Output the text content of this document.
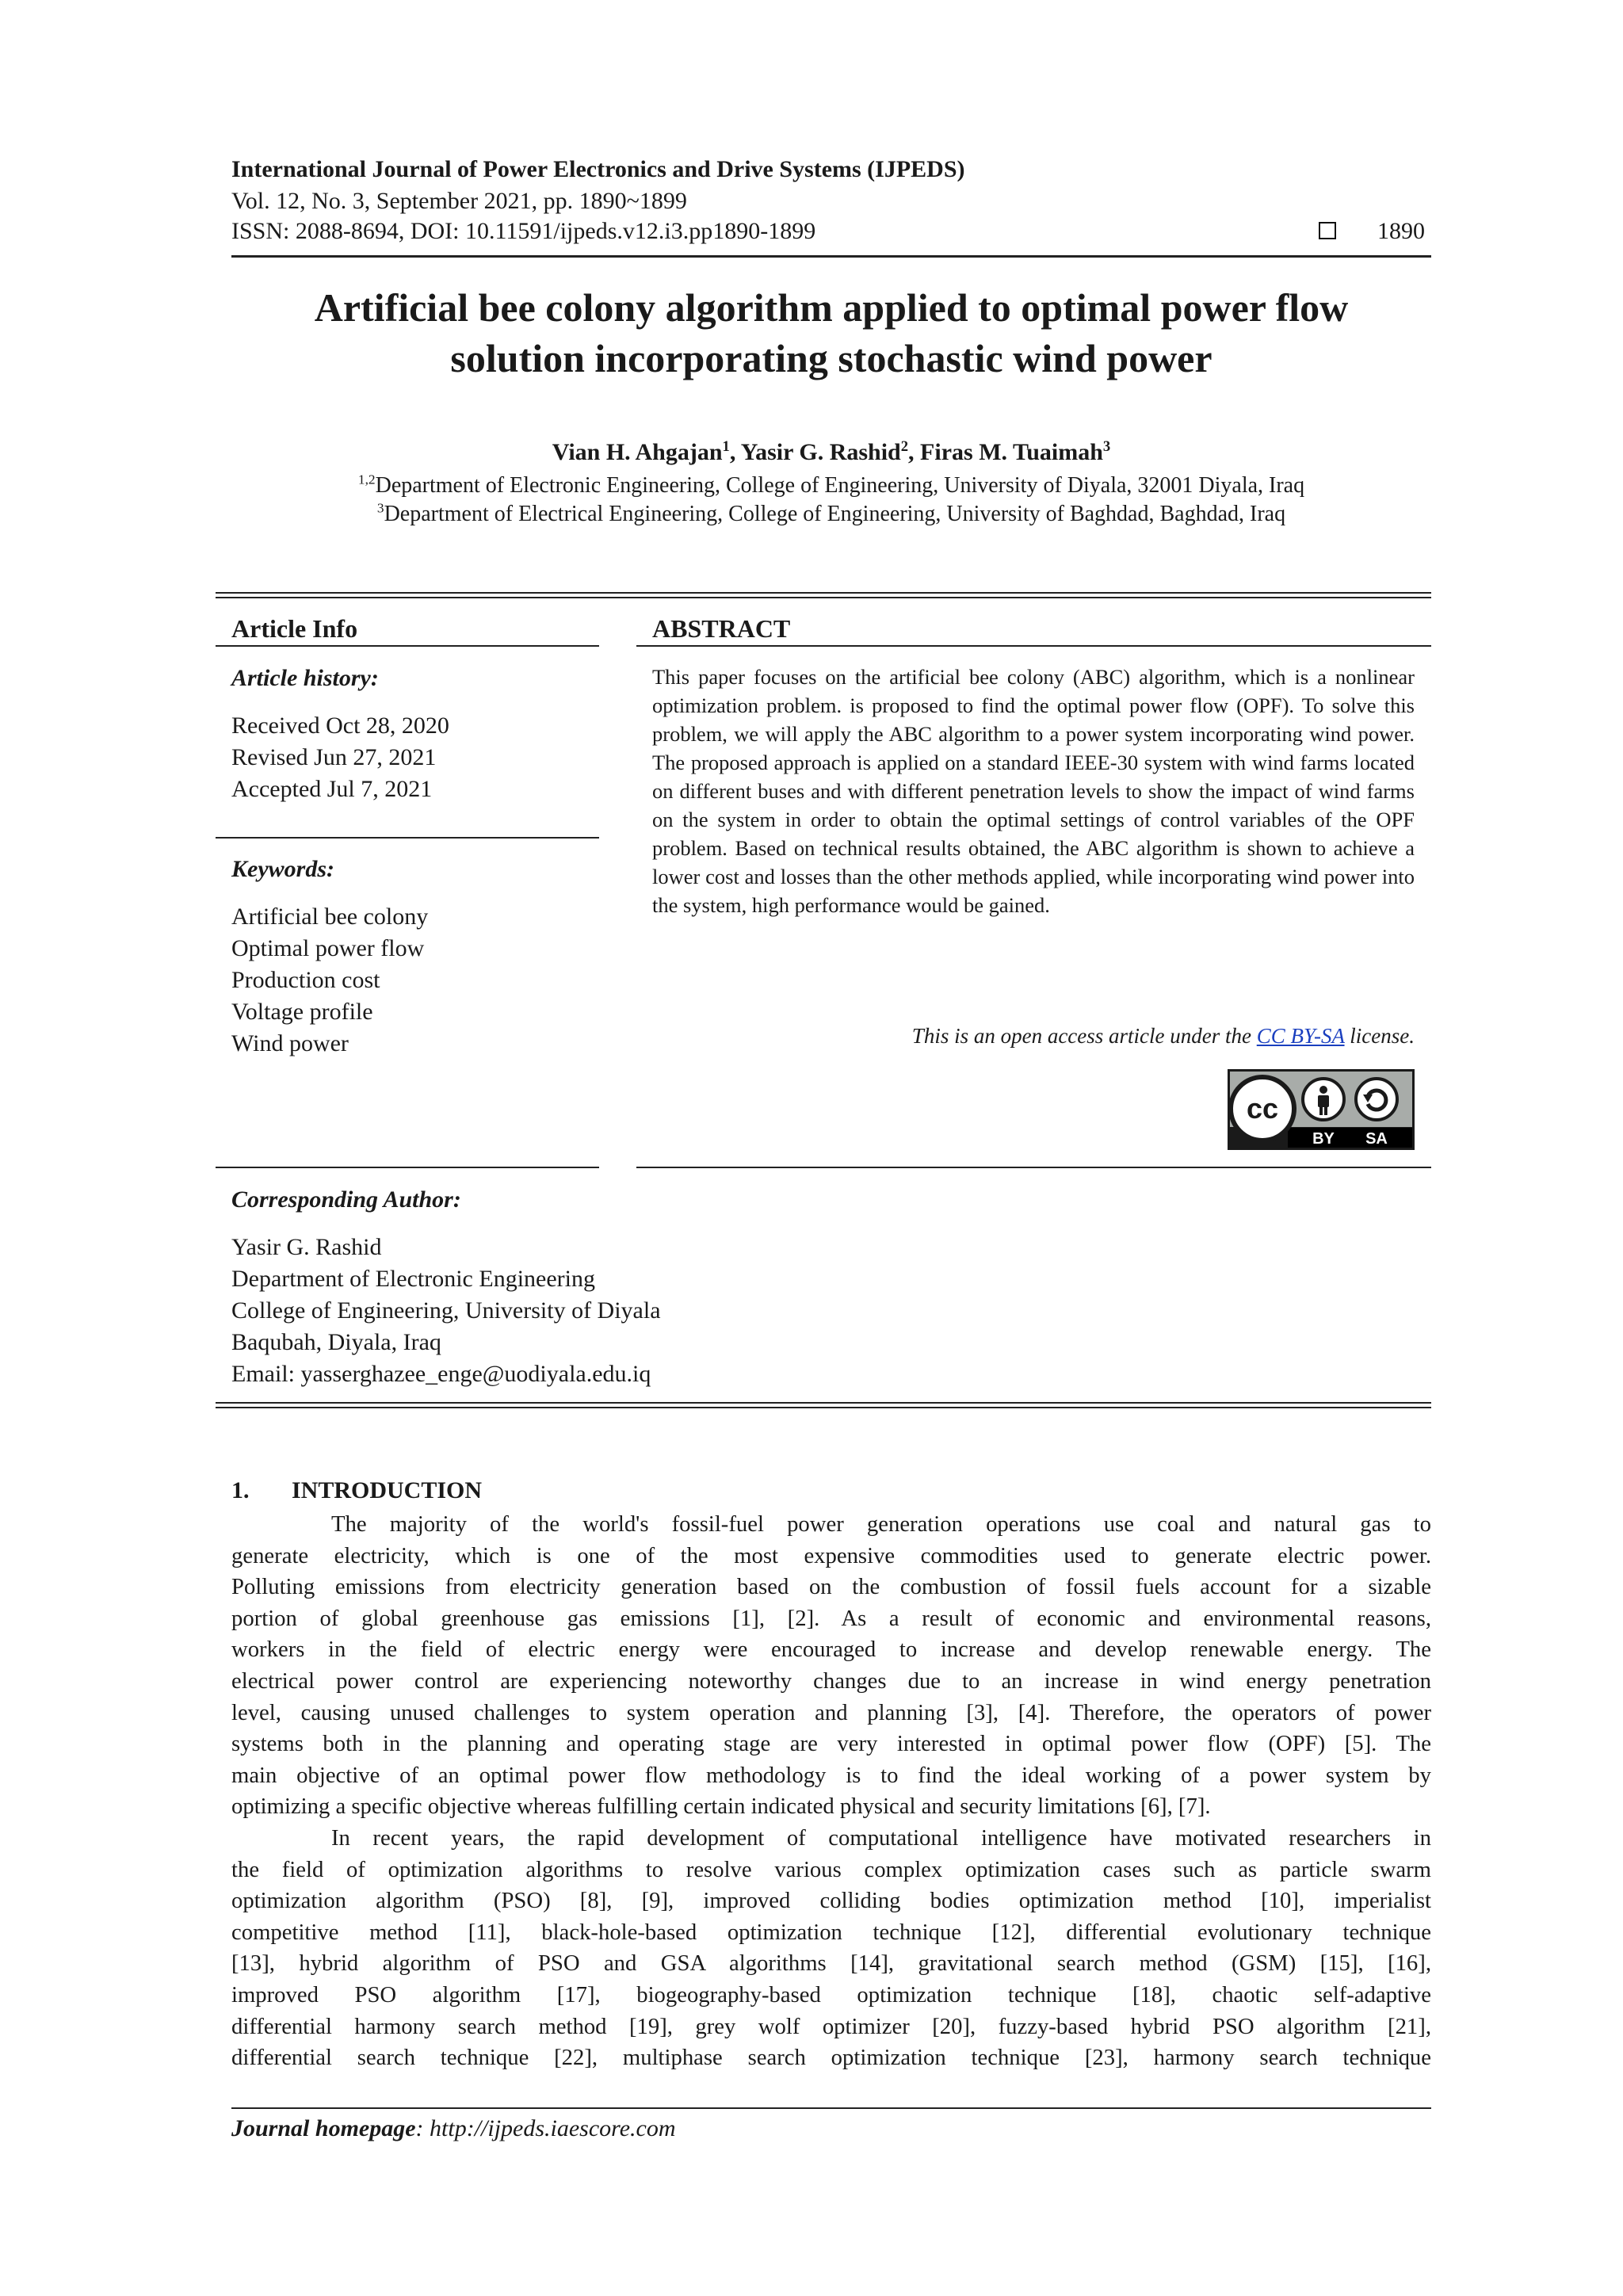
International Journal of Power Electronics and Drive Systems (IJPEDS)
Vol. 12, No. 3, September 2021, pp. 1890~1899
ISSN: 2088-8694, DOI: 10.11591/ijpeds.v12.i3.pp1890-1899	1890
Artificial bee colony algorithm applied to optimal power flow
solution incorporating stochastic wind power
Vian H. Ahgajan$^1$, Yasir G. Rashid$^2$, Firas M. Tuaimah$^3$
$^{1,2}$Department of Electronic Engineering, College of Engineering, University of Diyala, 32001 Diyala, Iraq
$^3$Department of Electrical Engineering, College of Engineering, University of Baghdad, Baghdad, Iraq
Article Info
Article history:
Received Oct 28, 2020
Revised Jun 27, 2021
Accepted Jul 7, 2021
Keywords:
Artificial bee colony
Optimal power flow
Production cost
Voltage profile
Wind power
ABSTRACT
This paper focuses on the artificial bee colony (ABC) algorithm, which is a nonlinear optimization problem. is proposed to find the optimal power flow (OPF). To solve this problem, we will apply the ABC algorithm to a power system incorporating wind power. The proposed approach is applied on a standard IEEE-30 system with wind farms located on different buses and with different penetration levels to show the impact of wind farms on the system in order to obtain the optimal settings of control variables of the OPF problem. Based on technical results obtained, the ABC algorithm is shown to achieve a lower cost and losses than the other methods applied, while incorporating wind power into the system, high performance would be gained.
This is an open access article under the CC BY-SA license.
cc
BY SA
Corresponding Author:
Yasir G. Rashid
Department of Electronic Engineering
College of Engineering, University of Diyala
Baqubah, Diyala, Iraq
Email: yasserghazee_enge@uodiyala.edu.iq
1. INTRODUCTION
The majority of the world's fossil-fuel power generation operations use coal and natural gas to
generate electricity, which is one of the most expensive commodities used to generate electric power.
Polluting emissions from electricity generation based on the combustion of fossil fuels account for a sizable
portion of global greenhouse gas emissions [1], [2]. As a result of economic and environmental reasons,
workers in the field of electric energy were encouraged to increase and develop renewable energy. The
electrical power control are experiencing noteworthy changes due to an increase in wind energy penetration
level, causing unused challenges to system operation and planning [3], [4]. Therefore, the operators of power
systems both in the planning and operating stage are very interested in optimal power flow (OPF) [5]. The
main objective of an optimal power flow methodology is to find the ideal working of a power system by
optimizing a specific objective whereas fulfilling certain indicated physical and security limitations [6], [7].
In recent years, the rapid development of computational intelligence have motivated researchers in
the field of optimization algorithms to resolve various complex optimization cases such as particle swarm
optimization algorithm (PSO) [8], [9], improved colliding bodies optimization method [10], imperialist
competitive method [11], black-hole-based optimization technique [12], differential evolutionary technique
[13], hybrid algorithm of PSO and GSA algorithms [14], gravitational search method (GSM) [15], [16],
improved PSO algorithm [17], biogeography-based optimization technique [18], chaotic self-adaptive
differential harmony search method [19], grey wolf optimizer [20], fuzzy-based hybrid PSO algorithm [21],
differential search technique [22], multiphase search optimization technique [23], harmony search technique
Journal homepage: http://ijpeds.iaescore.com
